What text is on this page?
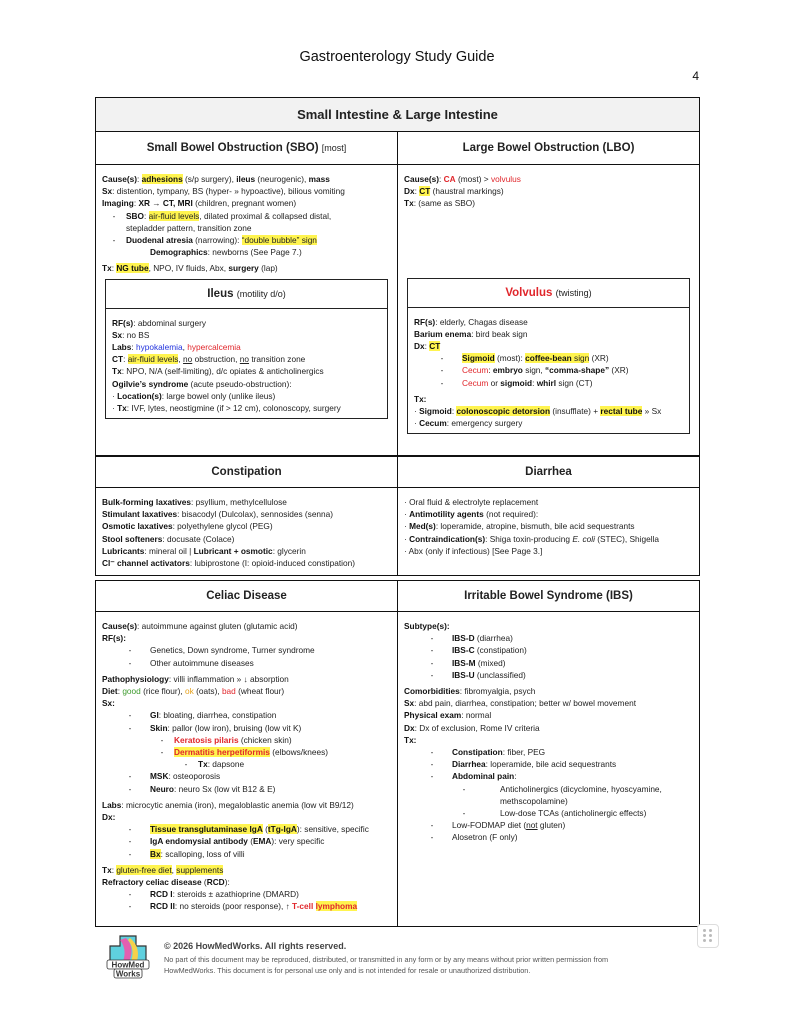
Gastroenterology Study Guide
4
Small Intestine & Large Intestine	
Small Bowel Obstruction (SBO) [most]	Large Bowel Obstruction (LBO)

Cause(s): adhesions (s/p surgery), ileus (neurogenic), mass
Sx: distention, tympany, BS (hyper- » hypoactive), bilious vomiting
Imaging: XR → CT, MRI (children, pregnant women)
- SBO: air-fluid levels, dilated proximal & collapsed distal,
stepladder pattern, transition zone
- Duodenal atresia (narrowing): “double bubble” sign
- Demographics: newborns (See Page 7.)
Tx: NG tube, NPO, IV fluids, Abx, surgery (lap)
Ileus (motility d/o)
RF(s): abdominal surgery
Sx: no BS
Labs: hypokalemia, hypercalcemia
CT: air-fluid levels, no obstruction, no transition zone
Tx: NPO, N/A (self-limiting), d/c opiates & anticholinergics
Ogilvie’s syndrome (acute pseudo-obstruction):
· Location(s): large bowel only (unlike ileus)
· Tx: IVF, lytes, neostigmine (if > 12 cm), colonoscopy, surgery

Cause(s): CA (most) > volvulus
Dx: CT (haustral markings)
Tx: (same as SBO)
Volvulus (twisting)
RF(s): elderly, Chagas disease
Barium enema: bird beak sign
Dx: CT
- Sigmoid (most): coffee-bean sign (XR)
- Cecum: embryo sign, “comma-shape” (XR)
- Cecum or sigmoid: whirl sign (CT)
Tx:
· Sigmoid: colonoscopic detorsion (insufflate) + rectal tube » Sx
· Cecum: emergency surgery
Constipation	Diarrhea

Bulk-forming laxatives: psyllium, methylcellulose
Stimulant laxatives: bisacodyl (Dulcolax), sennosides (senna)
Osmotic laxatives: polyethylene glycol (PEG)
Stool softeners: docusate (Colace)
Lubricants: mineral oil | Lubricant + osmotic: glycerin
Cl⁻ channel activators: lubiprostone (I: opioid-induced constipation)

· Oral fluid & electrolyte replacement
· Antimotility agents (not required):
· Med(s): loperamide, atropine, bismuth, bile acid sequestrants
· Contraindication(s): Shiga toxin-producing E. coli (STEC), Shigella
· Abx (only if infectious) [See Page 3.]
Celiac Disease	Irritable Bowel Syndrome (IBS)

Cause(s): autoimmune against gluten (glutamic acid)
RF(s):
- Genetics, Down syndrome, Turner syndrome
- Other autoimmune diseases
Pathophysiology: villi inflammation » ↓ absorption
Diet: good (rice flour), ok (oats), bad (wheat flour)
Sx:
- GI: bloating, diarrhea, constipation
- Skin: pallor (low iron), bruising (low vit K)
- Keratosis pilaris (chicken skin)
- Dermatitis herpetiformis (elbows/knees)
- Tx: dapsone
- MSK: osteoporosis
- Neuro: neuro Sx (low vit B12 & E)
Labs: microcytic anemia (iron), megaloblastic anemia (low vit B9/12)
Dx:
- Tissue transglutaminase IgA (tTg-IgA): sensitive, specific
- IgA endomysial antibody (EMA): very specific
- Bx: scalloping, loss of villi
Tx: gluten-free diet, supplements
Refractory celiac disease (RCD):
- RCD I: steroids ± azathioprine (DMARD)
- RCD II: no steroids (poor response), ↑ T-cell lymphoma

Subtype(s):
- IBS-D (diarrhea)
- IBS-C (constipation)
- IBS-M (mixed)
- IBS-U (unclassified)
Comorbidities: fibromyalgia, psych
Sx: abd pain, diarrhea, constipation; better w/ bowel movement
Physical exam: normal
Dx: Dx of exclusion, Rome IV criteria
Tx:
- Constipation: fiber, PEG
- Diarrhea: loperamide, bile acid sequestrants
- Abdominal pain:
- Anticholinergics (dicyclomine, hyoscyamine,
methscopolamine)
- Low-dose TCAs (anticholinergic effects)
- Low-FODMAP diet (not gluten)
- Alosetron (F only)
HowMed
Works
© 2026 HowMedWorks. All rights reserved.
No part of this document may be reproduced, distributed, or transmitted in any form or by any means without prior written permission from
HowMedWorks. This document is for personal use only and is not intended for resale or unauthorized distribution.
